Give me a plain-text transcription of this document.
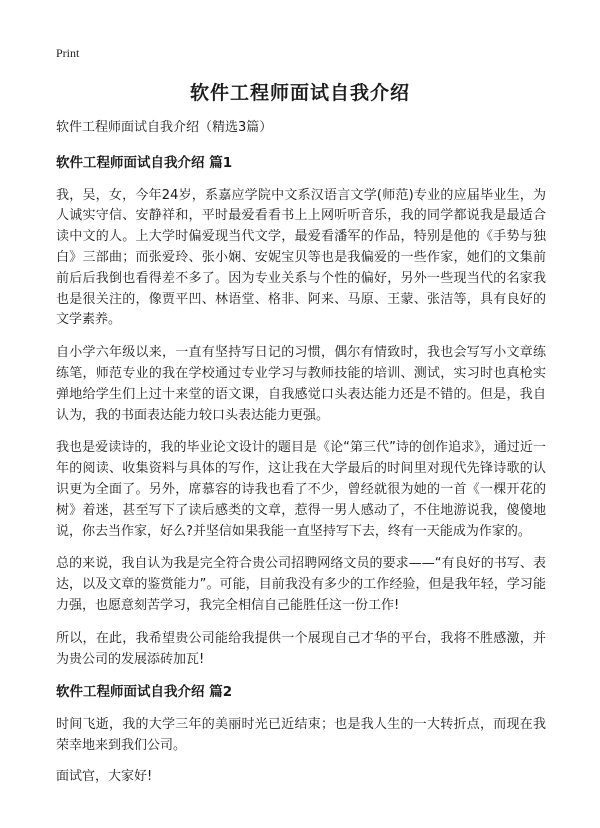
Print
软件工程师面试自我介绍

软件工程师面试自我介绍（精选3篇）

软件工程师面试自我介绍 篇1

我，吴，女，今年24岁，系嘉应学院中文系汉语言文学(师范)专业的应届毕业生，为人诚实守信、安静祥和，平时最爱看看书上上网听听音乐，我的同学都说我是最适合读中文的人。上大学时偏爱现当代文学，最爱看潘军的作品，特别是他的《手势与独白》三部曲；而张爱玲、张小娴、安妮宝贝等也是我偏爱的一些作家，她们的文集前前后后我倒也看得差不多了。因为专业关系与个性的偏好，另外一些现当代的名家我也是很关注的，像贾平凹、林语堂、格非、阿来、马原、王蒙、张洁等，具有良好的文学素养。

自小学六年级以来，一直有坚持写日记的习惯，偶尔有情致时，我也会写写小文章练练笔，师范专业的我在学校通过专业学习与教师技能的培训、测试，实习时也真枪实弹地给学生们上过十来堂的语文课，自我感觉口头表达能力还是不错的。但是，我自认为，我的书面表达能力较口头表达能力更强。

我也是爱读诗的，我的毕业论文设计的题目是《论“第三代”诗的创作追求》，通过近一年的阅读、收集资料与具体的写作，这让我在大学最后的时间里对现代先锋诗歌的认识更为全面了。另外，席慕容的诗我也看了不少，曾经就很为她的一首《一棵开花的树》着迷，甚至写下了读后感类的文章，惹得一男人感动了，不住地游说我，傻傻地说，你去当作家，好么?并坚信如果我能一直坚持写下去，终有一天能成为作家的。

总的来说，我自认为我是完全符合贵公司招聘网络文员的要求——“有良好的书写、表达，以及文章的鉴赏能力”。可能，目前我没有多少的工作经验，但是我年轻，学习能力强，也愿意刻苦学习，我完全相信自己能胜任这一份工作!

所以，在此，我希望贵公司能给我提供一个展现自己才华的平台，我将不胜感激，并为贵公司的发展添砖加瓦!

软件工程师面试自我介绍 篇2

时间飞逝，我的大学三年的美丽时光已近结束；也是我人生的一大转折点，而现在我荣幸地来到我们公司。

面试官，大家好!
